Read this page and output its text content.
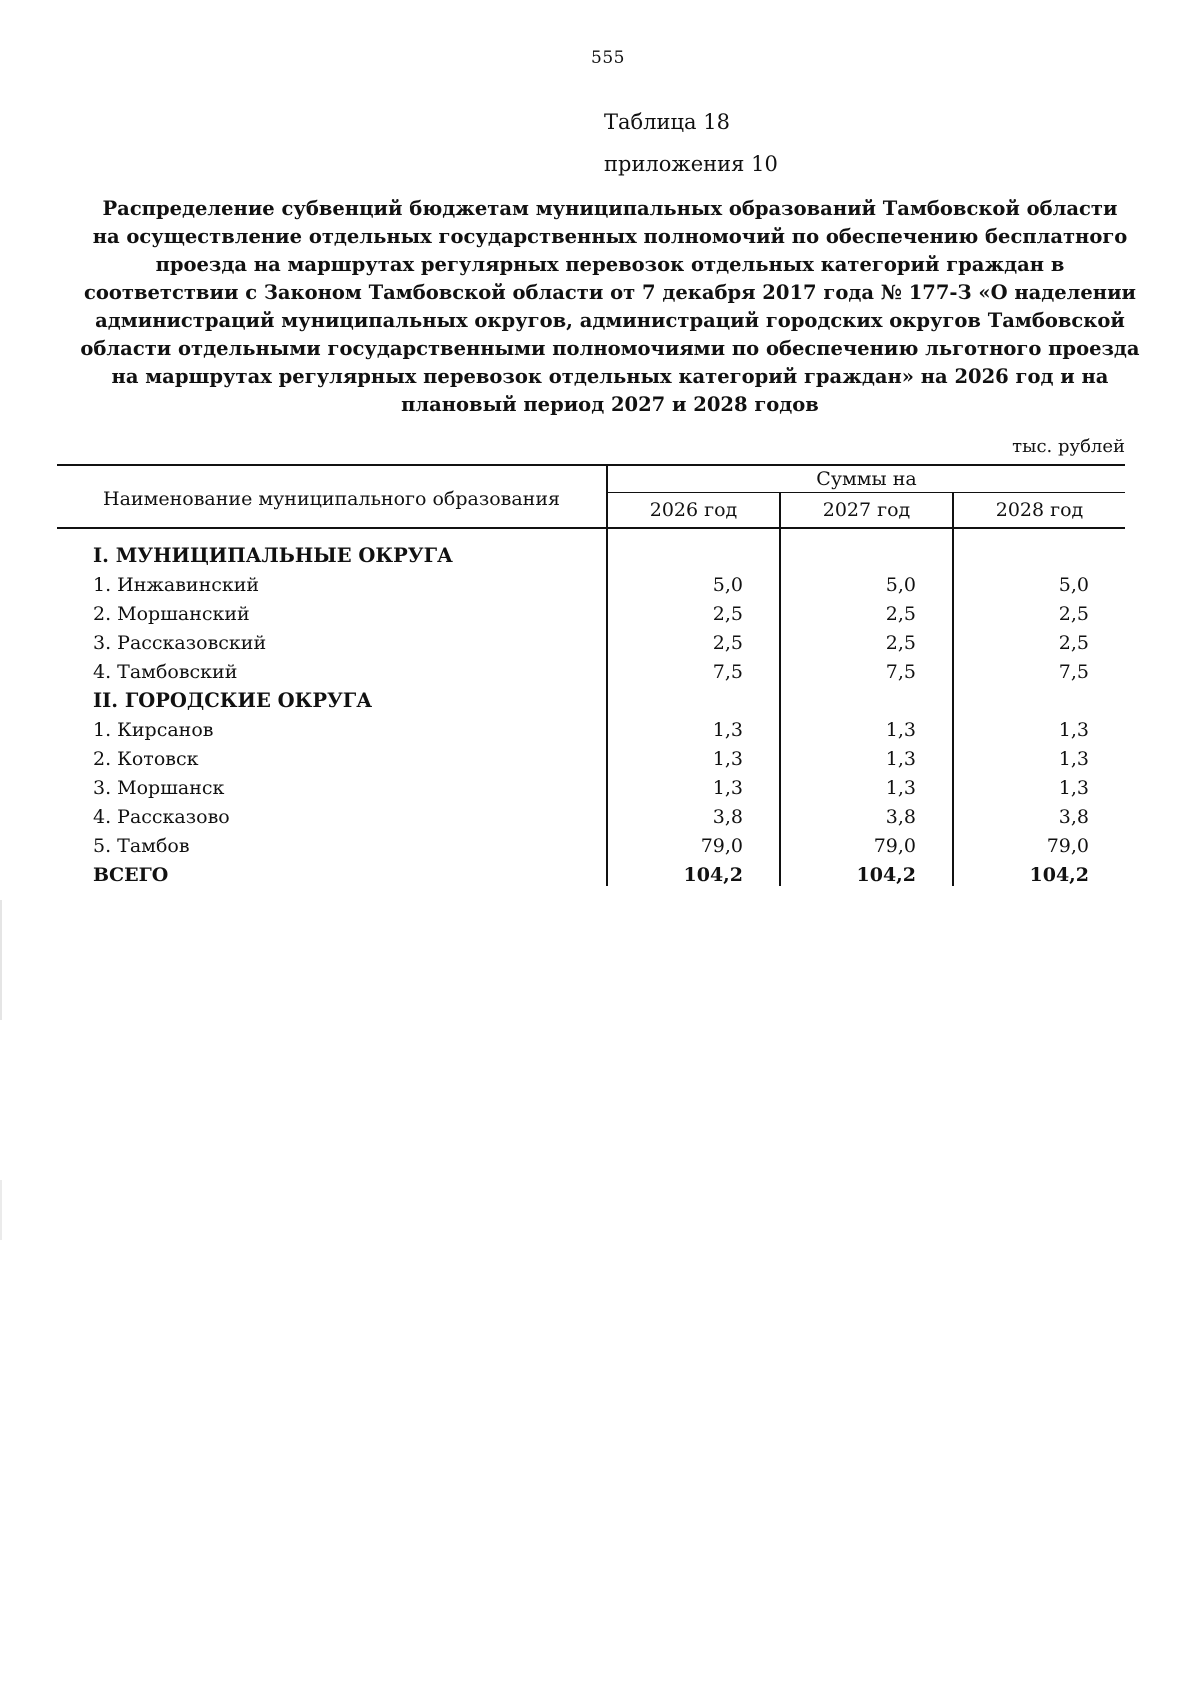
555
Таблица 18
приложения 10
Распределение субвенций бюджетам муниципальных образований Тамбовской области
на осуществление отдельных государственных полномочий по обеспечению бесплатного
проезда на маршрутах регулярных перевозок отдельных категорий граждан в
соответствии с Законом Тамбовской области от 7 декабря 2017 года № 177-З «О наделении
администраций муниципальных округов, администраций городских округов Тамбовской
области отдельными государственными полномочиями по обеспечению льготного проезда
на маршрутах регулярных перевозок отдельных категорий граждан» на 2026 год и на
плановый период 2027 и 2028 годов
тыс. рублей
Наименование муниципального образования	Суммы на		
	2026 год	2027 год	2028 год
I. МУНИЦИПАЛЬНЫЕ ОКРУГА			
1. Инжавинский	5,0	5,0	5,0
2. Моршанский	2,5	2,5	2,5
3. Рассказовский	2,5	2,5	2,5
4. Тамбовский	7,5	7,5	7,5
II. ГОРОДСКИЕ ОКРУГА			
1. Кирсанов	1,3	1,3	1,3
2. Котовск	1,3	1,3	1,3
3. Моршанск	1,3	1,3	1,3
4. Рассказово	3,8	3,8	3,8
5. Тамбов	79,0	79,0	79,0
ВСЕГО	104,2	104,2	104,2
